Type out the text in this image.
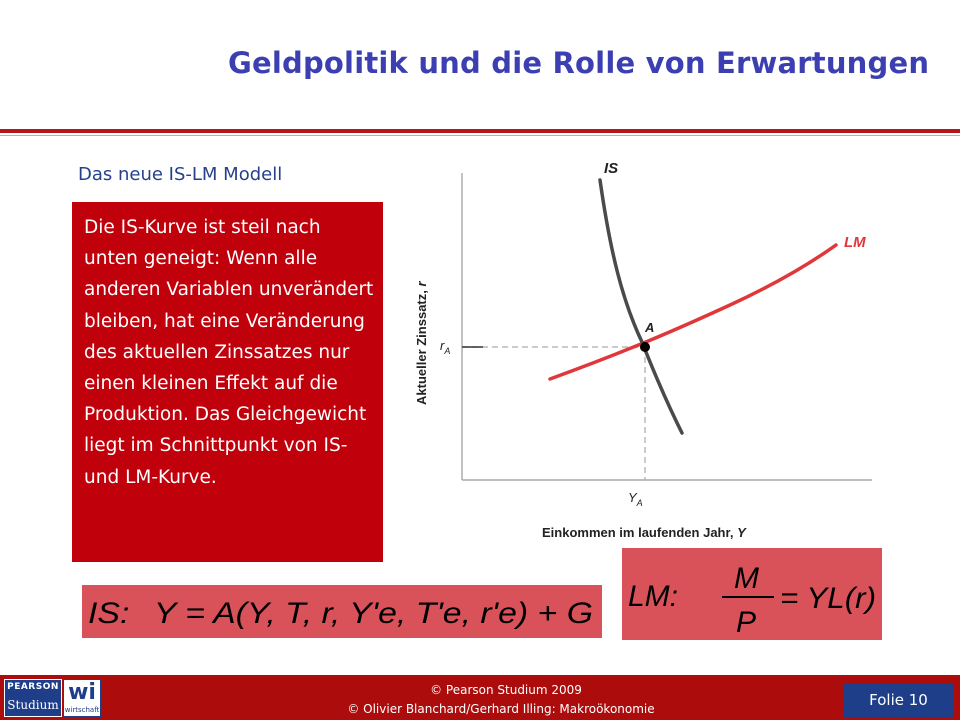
Geldpolitik und die Rolle von Erwartungen
Das neue IS-LM Modell
Die IS-Kurve ist steil nach unten geneigt: Wenn alle anderen Variablen unverändert bleiben, hat eine Veränderung des aktuellen Zinssatzes nur einen kleinen Effekt auf die Produktion. Das Gleichgewicht liegt im Schnittpunkt von IS- und LM-Kurve.
IS
LM
A
$r_A$
$Y_A$
Aktueller Zinssatz, r
Einkommen im laufenden Jahr, Y
IS: Y = A(Y, T, r, Y'e, T'e, r'e) + G
LM:
M
P
= YL(r)
PEARSON
Studium wi
wirtschaft
© Pearson Studium 2009
© Olivier Blanchard/Gerhard Illing: Makroökonomie	Folie 10
